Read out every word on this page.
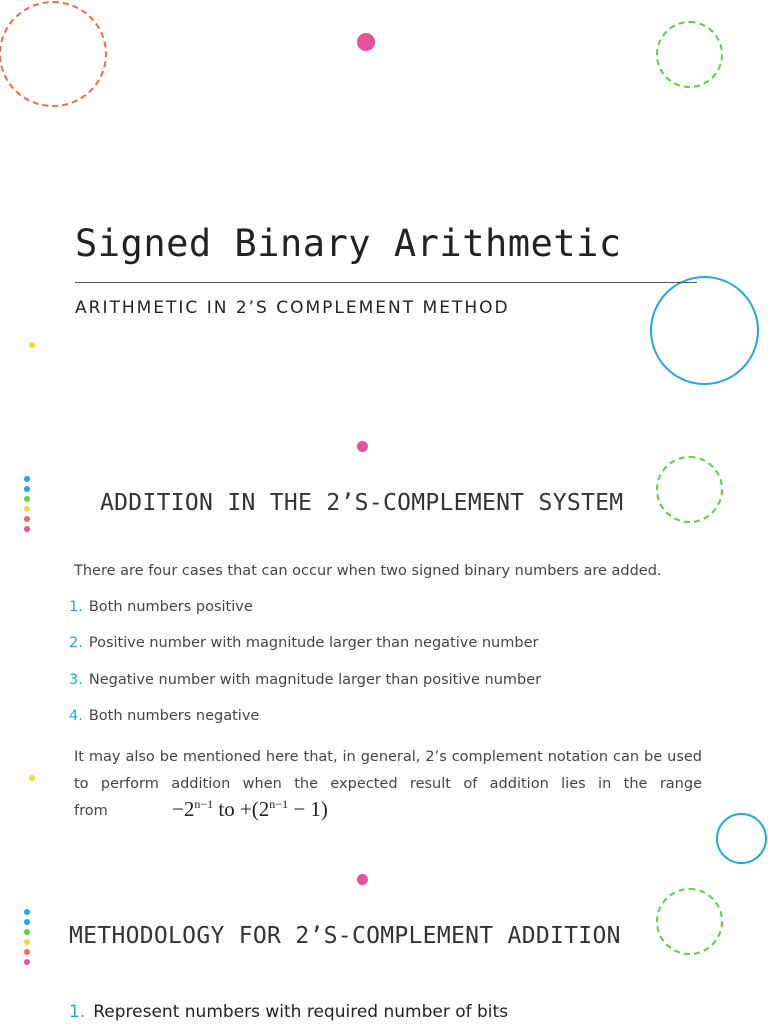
Signed Binary Arithmetic
ARITHMETIC IN 2’S COMPLEMENT METHOD
ADDITION IN THE 2’S-COMPLEMENT SYSTEM
There are four cases that can occur when two signed binary numbers are added.
1. Both numbers positive
2. Positive number with magnitude larger than negative number
3. Negative number with magnitude larger than positive number
4. Both numbers negative
It may also be mentioned here that, in general, 2’s complement notation can be used to perform addition when the expected result of addition lies in the range from	$-2^{n-1}$ to $+(2^{n-1} - 1)$
METHODOLOGY FOR 2’S-COMPLEMENT ADDITION
1. Represent numbers with required number of bits
